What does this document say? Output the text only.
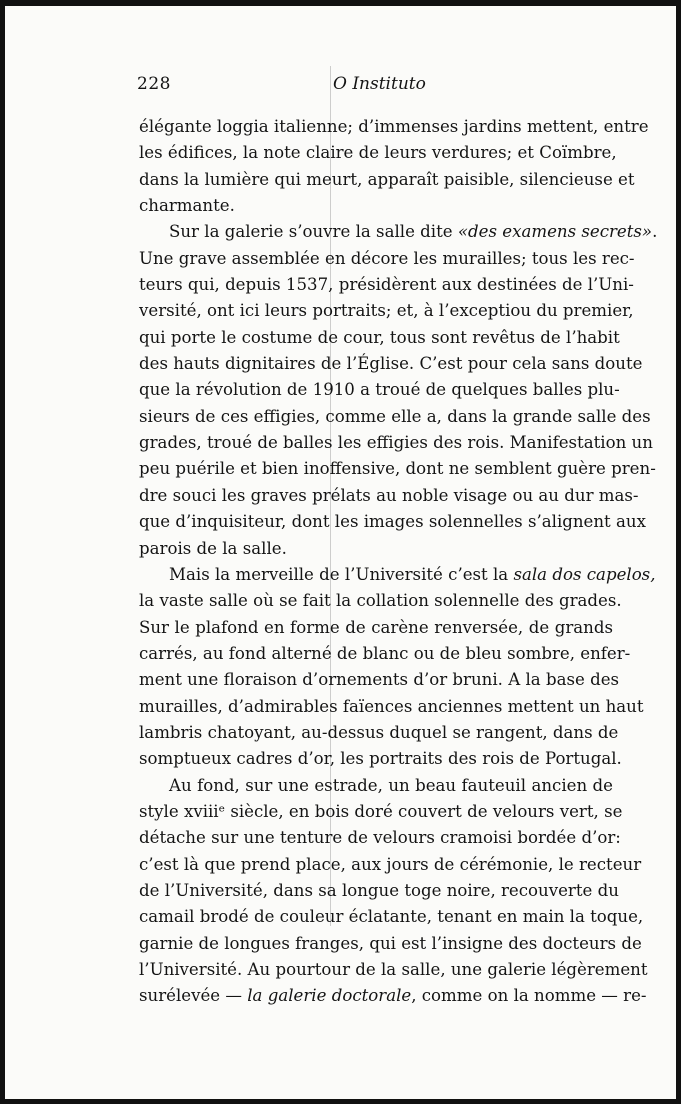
228	O Instituto
élégante loggia italienne; d’immenses jardins mettent, entre
les édifices, la note claire de leurs verdures; et Coïmbre,
dans la lumière qui meurt, apparaît paisible, silencieuse et
charmante.
Sur la galerie s’ouvre la salle dite «des examens secrets».
Une grave assemblée en décore les murailles; tous les rec-
teurs qui, depuis 1537, présidèrent aux destinées de l’Uni-
versité, ont ici leurs portraits; et, à l’exceptiou du premier,
qui porte le costume de cour, tous sont revêtus de l’habit
des hauts dignitaires de l’Église. C’est pour cela sans doute
que la révolution de 1910 a troué de quelques balles plu-
sieurs de ces effigies, comme elle a, dans la grande salle des
grades, troué de balles les effigies des rois. Manifestation un
peu puérile et bien inoffensive, dont ne semblent guère pren-
dre souci les graves prélats au noble visage ou au dur mas-
que d’inquisiteur, dont les images solennelles s’alignent aux
parois de la salle.
Mais la merveille de l’Université c’est la sala dos capelos,
la vaste salle où se fait la collation solennelle des grades.
Sur le plafond en forme de carène renversée, de grands
carrés, au fond alterné de blanc ou de bleu sombre, enfer-
ment une floraison d’ornements d’or bruni. A la base des
murailles, d’admirables faïences anciennes mettent un haut
lambris chatoyant, au-dessus duquel se rangent, dans de
somptueux cadres d’or, les portraits des rois de Portugal.
Au fond, sur une estrade, un beau fauteuil ancien de
style xviiiᵉ siècle, en bois doré couvert de velours vert, se
détache sur une tenture de velours cramoisi bordée d’or:
c’est là que prend place, aux jours de cérémonie, le recteur
de l’Université, dans sa longue toge noire, recouverte du
camail brodé de couleur éclatante, tenant en main la toque,
garnie de longues franges, qui est l’insigne des docteurs de
l’Université. Au pourtour de la salle, une galerie légèrement
surélevée — la galerie doctorale, comme on la nomme — re-
